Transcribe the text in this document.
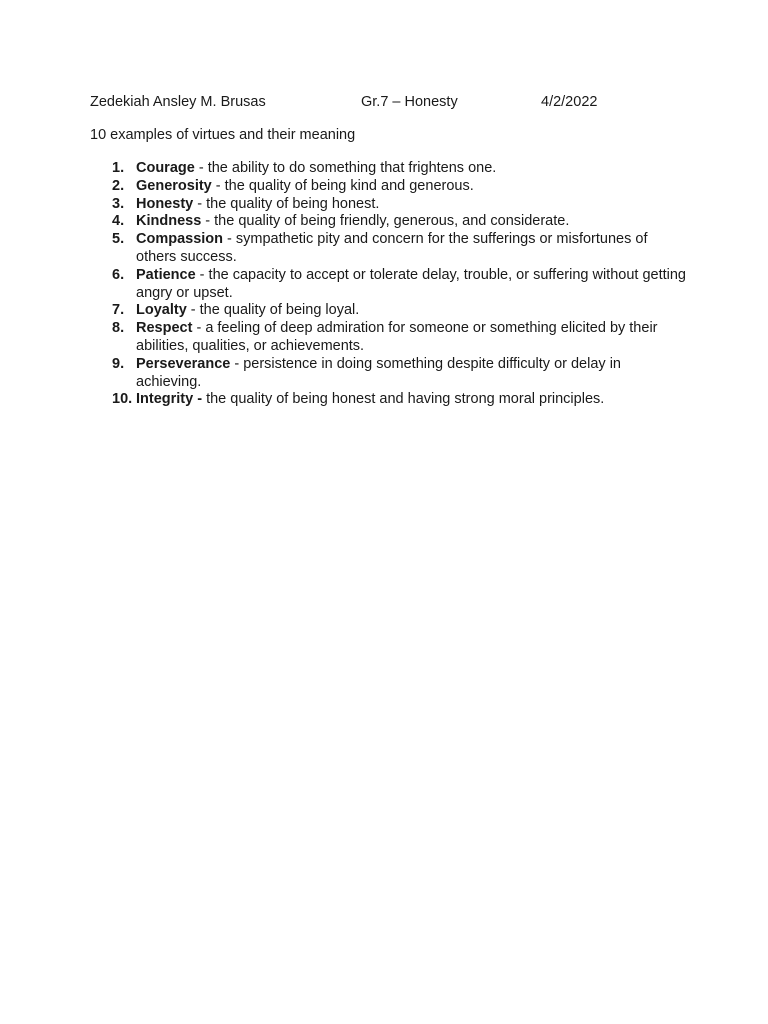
Zedekiah Ansley M. Brusas	Gr.7 – Honesty	4/2/2022
10 examples of virtues and their meaning
1. Courage - the ability to do something that frightens one.
2. Generosity - the quality of being kind and generous.
3. Honesty - the quality of being honest.
4. Kindness - the quality of being friendly, generous, and considerate.
5. Compassion - sympathetic pity and concern for the sufferings or misfortunes of others success.
6. Patience - the capacity to accept or tolerate delay, trouble, or suffering without getting angry or upset.
7. Loyalty - the quality of being loyal.
8. Respect - a feeling of deep admiration for someone or something elicited by their abilities, qualities, or achievements.
9. Perseverance - persistence in doing something despite difficulty or delay in achieving.
10. Integrity - the quality of being honest and having strong moral principles.
